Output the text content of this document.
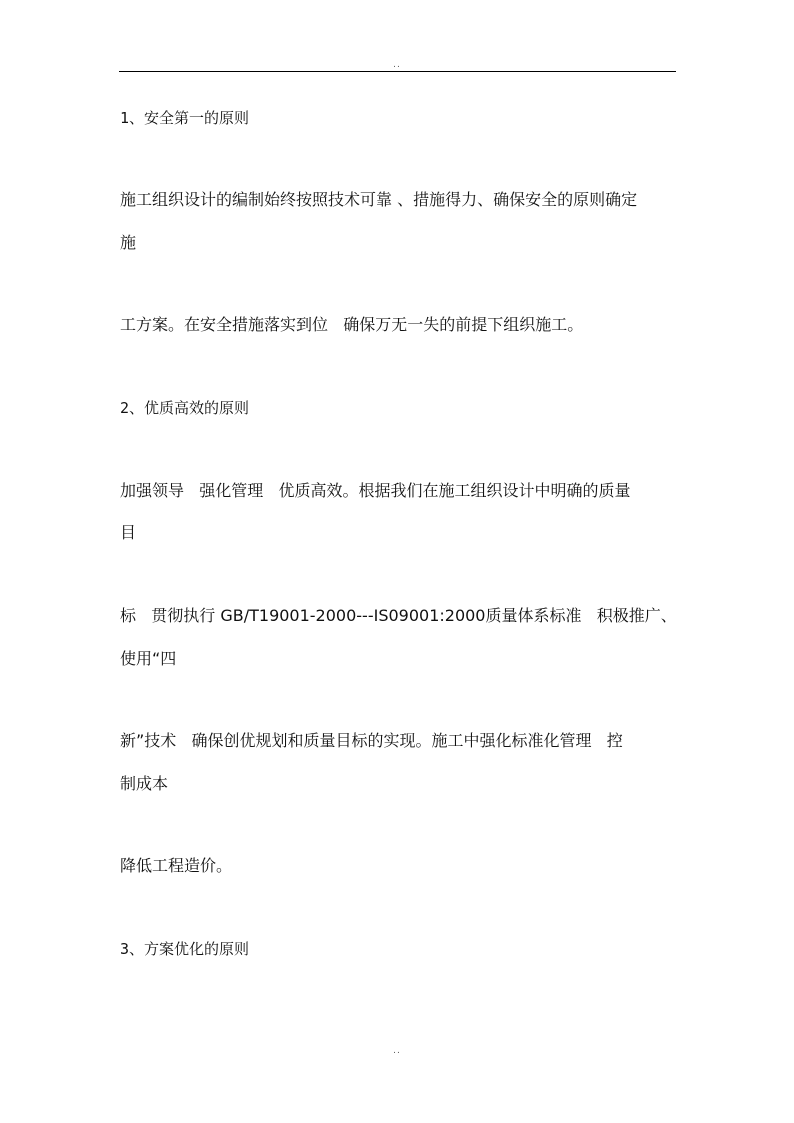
..
1、安全第一的原则
施工组织设计的编制始终按照技术可靠 、措施得力、确保安全的原则确定
施
工方案。在安全措施落实到位   确保万无一失的前提下组织施工。
2、优质高效的原则
加强领导   强化管理   优质高效。根据我们在施工组织设计中明确的质量
目
标   贯彻执行 GB/T19001-2000---IS09001:2000质量体系标准   积极推广、
使用“四
新”技术   确保创优规划和质量目标的实现。施工中强化标准化管理   控
制成本
降低工程造价。
3、方案优化的原则
..
